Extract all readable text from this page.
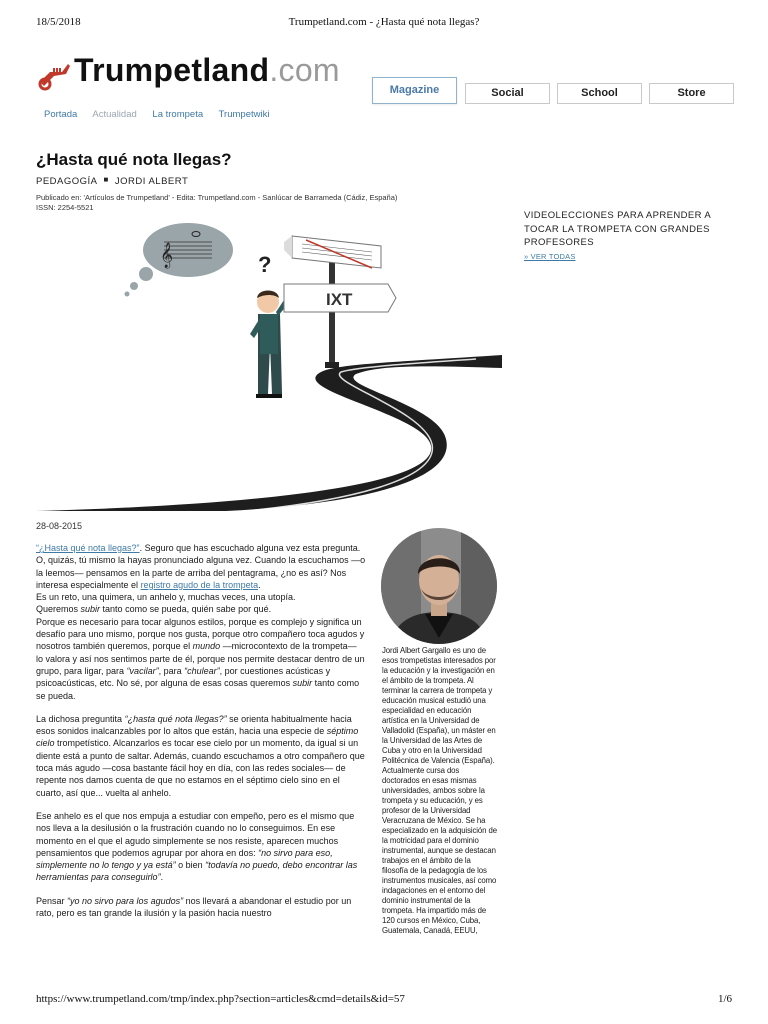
18/5/2018	Trumpetland.com - ¿Hasta qué nota llegas?
Trumpetland.com
Magazine	Social	School	Store
Portada Actualidad La trompeta Trumpetwiki
¿Hasta qué nota llegas?
PEDAGOGÍA ■ JORDI ALBERT
Publicado en: 'Artículos de Trumpetland' - Edita: Trumpetland.com - Sanlúcar de Barrameda (Cádiz, España)
ISSN: 2254-5521
𝄞	?
IXT
VIDEOLECCIONES PARA APRENDER A TOCAR LA TROMPETA CON GRANDES PROFESORES
» VER TODAS
28-08-2015

“¿Hasta qué nota llegas?”. Seguro que has escuchado alguna vez esta pregunta. O, quizás, tú mismo la hayas pronunciado alguna vez. Cuando la escuchamos —o la leemos— pensamos en la parte de arriba del pentagrama, ¿no es así? Nos interesa especialmente el registro agudo de la trompeta.
Es un reto, una quimera, un anhelo y, muchas veces, una utopía.
Queremos subir tanto como se pueda, quién sabe por qué.
Porque es necesario para tocar algunos estilos, porque es complejo y significa un desafío para uno mismo, porque nos gusta, porque otro compañero toca agudos y nosotros también queremos, porque el mundo —microcontexto de la trompeta— lo valora y así nos sentimos parte de él, porque nos permite destacar dentro de un grupo, para ligar, para “vacilar”, para “chulear”, por cuestiones acústicas y psicoacústicas, etc. No sé, por alguna de esas cosas queremos subir tanto como se pueda.

La dichosa preguntita “¿hasta qué nota llegas?” se orienta habitualmente hacia esos sonidos inalcanzables por lo altos que están, hacia una especie de séptimo cielo trompetístico. Alcanzarlos es tocar ese cielo por un momento, da igual si un diente está a punto de saltar. Además, cuando escuchamos a otro compañero que toca más agudo —cosa bastante fácil hoy en día, con las redes sociales— de repente nos damos cuenta de que no estamos en el séptimo cielo sino en el cuarto, así que... vuelta al anhelo.

Ese anhelo es el que nos empuja a estudiar con empeño, pero es el mismo que nos lleva a la desilusión o la frustración cuando no lo conseguimos. En ese momento en el que el agudo simplemente se nos resiste, aparecen muchos pensamientos que podemos agrupar por ahora en dos: “no sirvo para eso, simplemente no lo tengo y ya está” o bien “todavía no puedo, debo encontrar las herramientas para conseguirlo”.

Pensar “yo no sirvo para los agudos” nos llevará a abandonar el estudio por un rato, pero es tan grande la ilusión y la pasión hacia nuestro

Jordi Albert Gargallo es uno de esos trompetistas interesados por la educación y la investigación en el ámbito de la trompeta. Al terminar la carrera de trompeta y educación musical estudió una especialidad en educación artística en la Universidad de Valladolid (España), un máster en la Universidad de las Artes de Cuba y otro en la Universidad Politécnica de Valencia (España). Actualmente cursa dos doctorados en esas mismas universidades, ambos sobre la trompeta y su educación, y es profesor de la Universidad Veracruzana de México. Se ha especializado en la adquisición de la motricidad para el dominio instrumental, aunque se destacan trabajos en el ámbito de la filosofía de la pedagogía de los instrumentos musicales, así como indagaciones en el entorno del dominio instrumental de la trompeta. Ha impartido más de 120 cursos en México, Cuba, Guatemala, Canadá, EEUU,
https://www.trumpetland.com/tmp/index.php?section=articles&cmd=details&id=57	1/6
